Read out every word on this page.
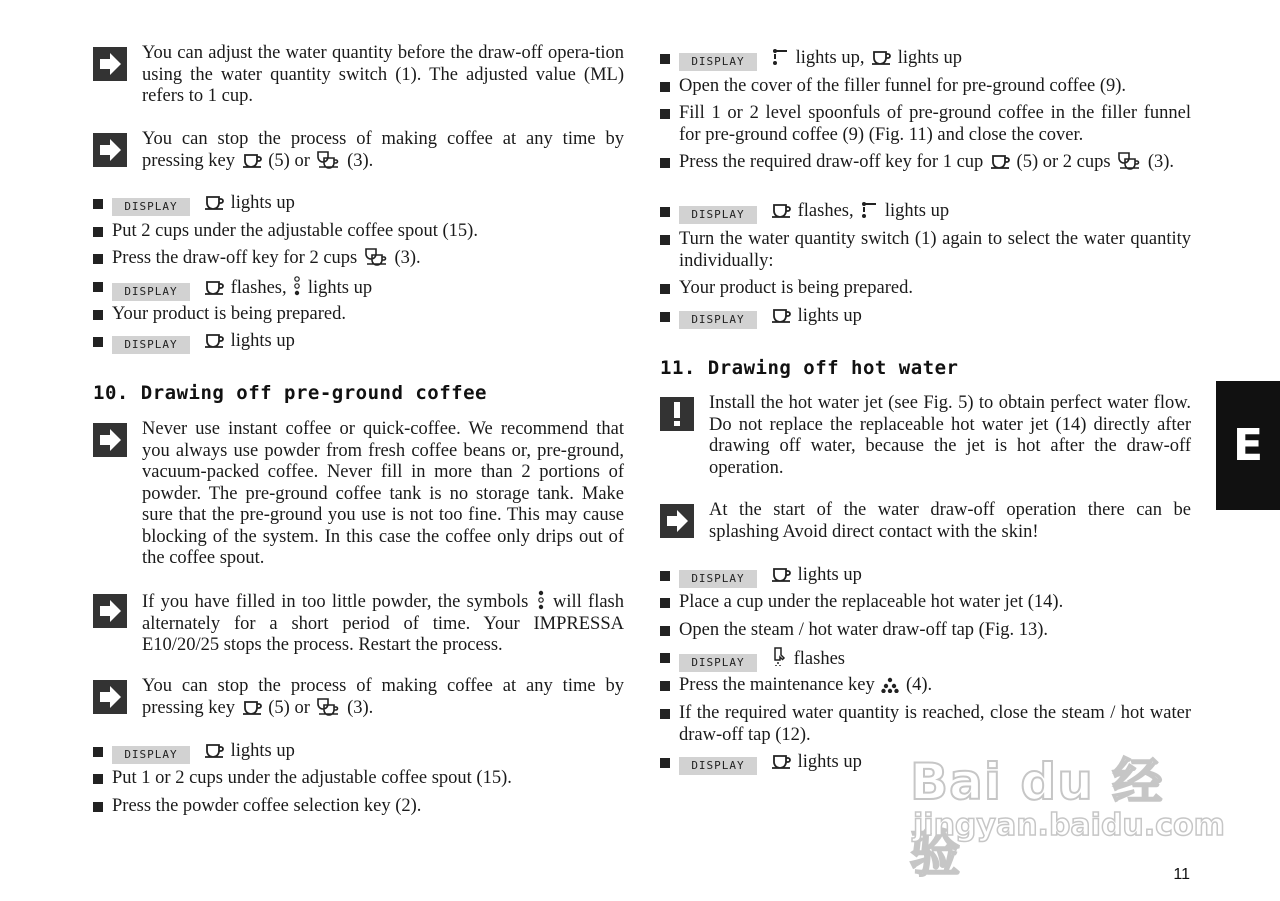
You can adjust the water quantity before the draw-off opera-tion using the water quantity switch (1). The adjusted value (ML) refers to 1 cup.

You can stop the process of making coffee at any time by pressing key (5) or (3).

DISPLAY	lights up
Put 2 cups under the adjustable coffee spout (15).
Press the draw-off key for 2 cups (3).
DISPLAY	flashes, lights up
Your product is being prepared.
DISPLAY	lights up
10. Drawing off pre-ground coffee

Never use instant coffee or quick-coffee. We recommend that you always use powder from fresh coffee beans or, pre-ground, vacuum-packed coffee. Never fill in more than 2 portions of powder. The pre-ground coffee tank is no storage tank. Make sure that the pre-ground you use is not too fine. This may cause blocking of the system. In this case the coffee only drips out of the coffee spout.

If you have filled in too little powder, the symbols will flash alternately for a short period of time. Your IMPRESSA E10/20/25 stops the process. Restart the process.

You can stop the process of making coffee at any time by pressing key (5) or (3).

DISPLAY	lights up
Put 1 or 2 cups under the adjustable coffee spout (15).
Press the powder coffee selection key (2).
DISPLAY	lights up, lights up
Open the cover of the filler funnel for pre-ground coffee (9).
Fill 1 or 2 level spoonfuls of pre-ground coffee in the filler funnel for pre-ground coffee (9) (Fig. 11) and close the cover.
Press the required draw-off key for 1 cup (5) or 2 cups (3).
DISPLAY	flashes, lights up
Turn the water quantity switch (1) again to select the water quantity individually:
Your product is being prepared.
DISPLAY	lights up
11. Drawing off hot water

Install the hot water jet (see Fig. 5) to obtain perfect water flow. Do not replace the replaceable hot water jet (14) directly after drawing off water, because the jet is hot after the draw-off operation.

At the start of the water draw-off operation there can be splashing Avoid direct contact with the skin!

DISPLAY	lights up
Place a cup under the replaceable hot water jet (14).
Open the steam / hot water draw-off tap (Fig. 13).
DISPLAY	flashes
Press the maintenance key (4).
If the required water quantity is reached, close the steam / hot water draw-off tap (12).
DISPLAY	lights up
E
Bai du 经验
jingyan.baidu.com
11
